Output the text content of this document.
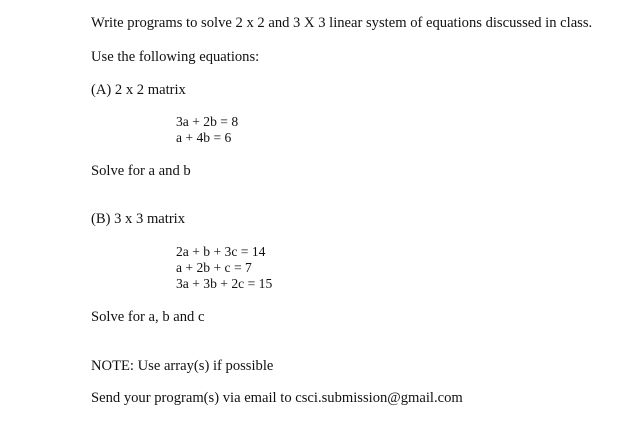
Write programs to solve 2 x 2 and 3 X 3 linear system of equations discussed in class.
Use the following equations:
(A) 2 x 2 matrix
3a + 2b = 8
a + 4b = 6
Solve for a and b
(B) 3 x 3 matrix
2a + b + 3c = 14
a + 2b + c = 7
3a + 3b + 2c = 15
Solve for a, b and c
NOTE: Use array(s) if possible
Send your program(s) via email to csci.submission@gmail.com
